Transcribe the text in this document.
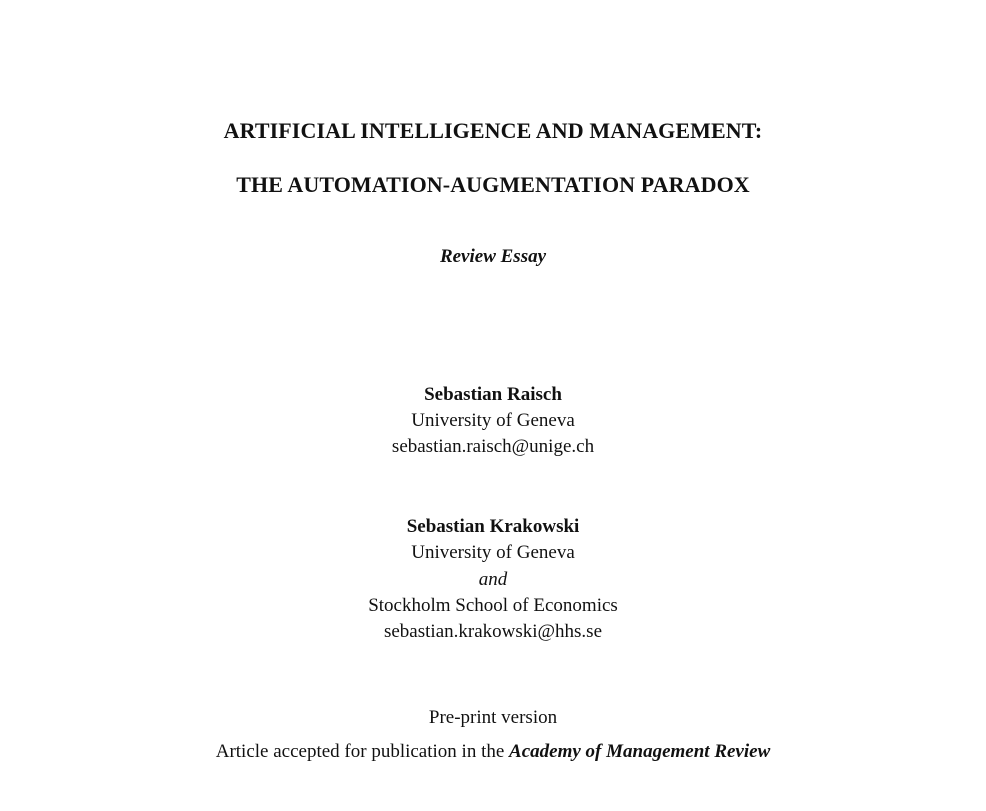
ARTIFICIAL INTELLIGENCE AND MANAGEMENT:
THE AUTOMATION-AUGMENTATION PARADOX
Review Essay
Sebastian Raisch
University of Geneva
sebastian.raisch@unige.ch
Sebastian Krakowski
University of Geneva
and
Stockholm School of Economics
sebastian.krakowski@hhs.se
Pre-print version
Article accepted for publication in the Academy of Management Review
